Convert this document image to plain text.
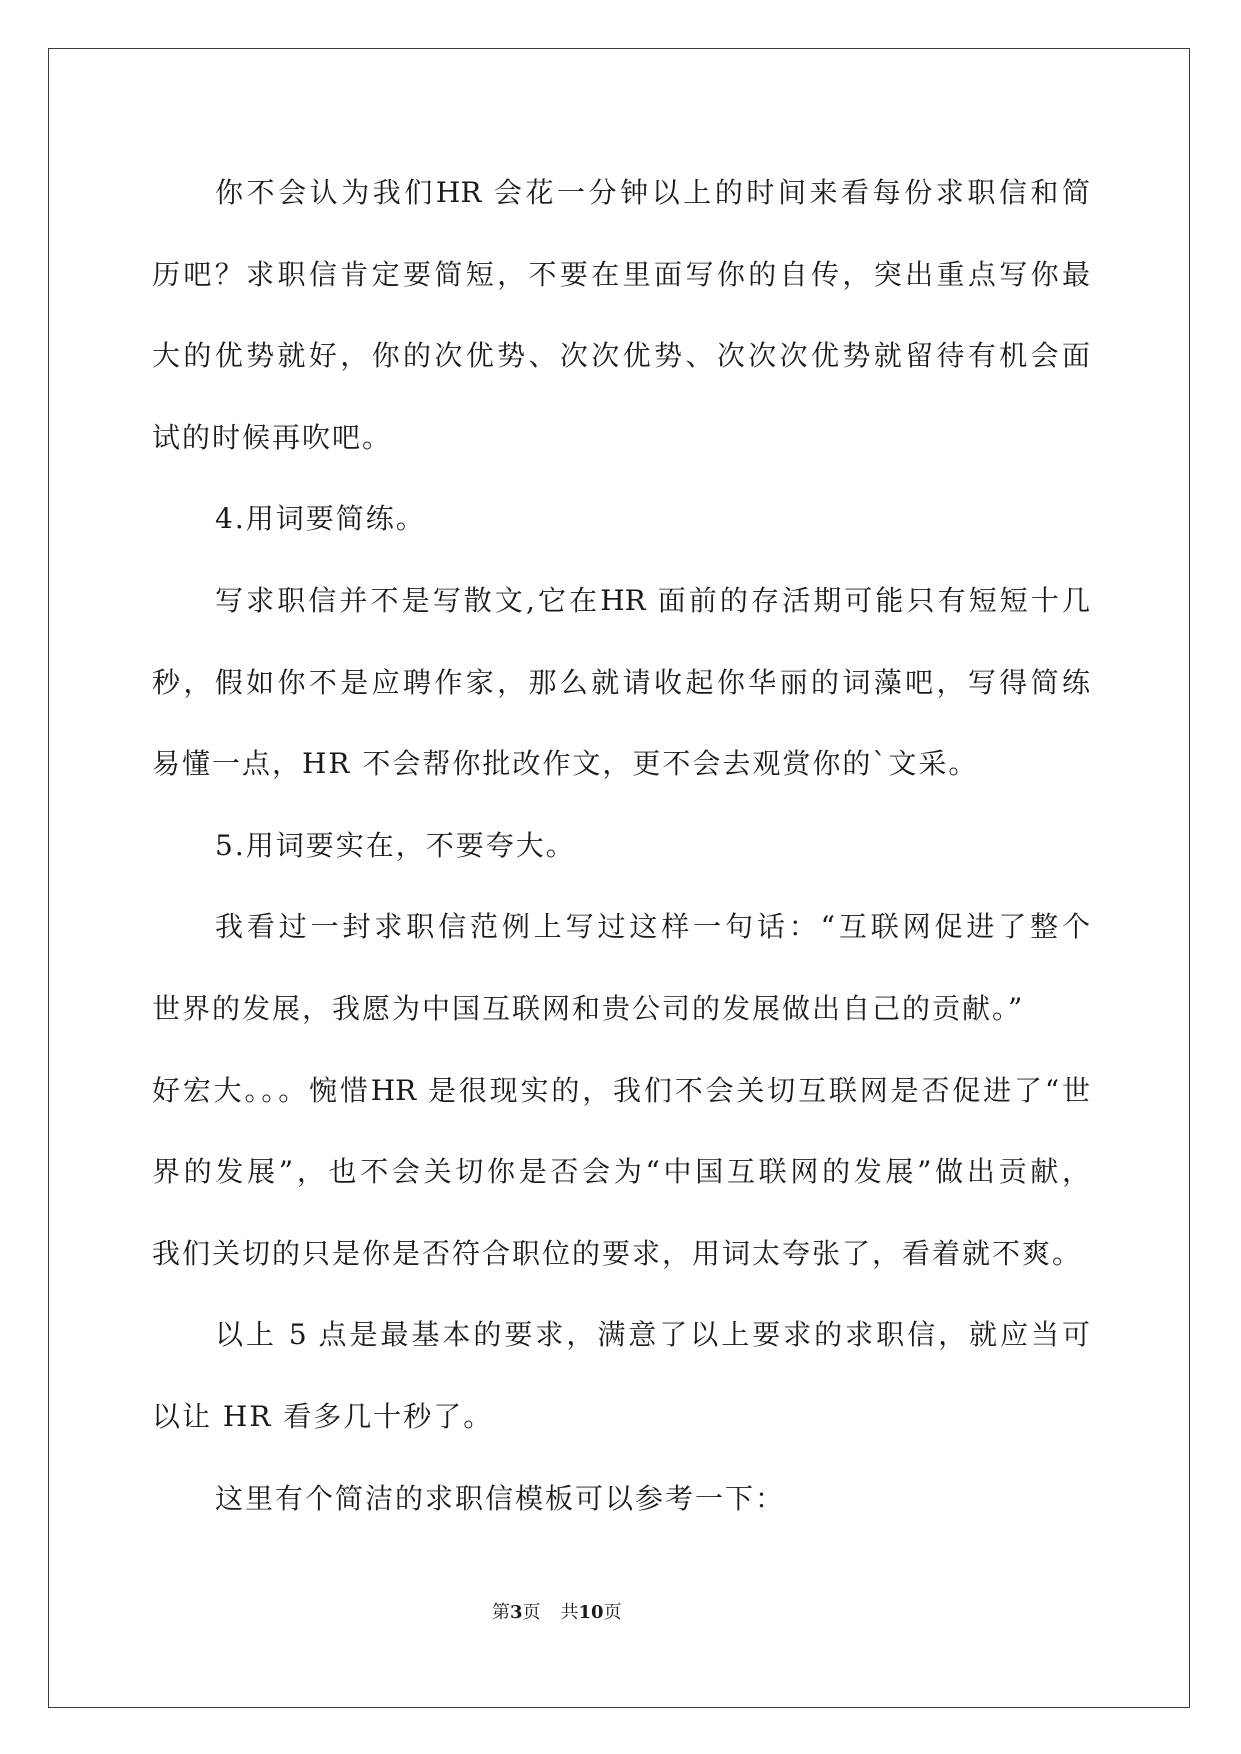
你不会认为我们HR 会花一分钟以上的时间来看每份求职信和简
历吧？求职信肯定要简短，不要在里面写你的自传，突出重点写你最
大的优势就好，你的次优势、次次优势、次次次优势就留待有机会面
试的时候再吹吧。
4.用词要简练。
写求职信并不是写散文,它在HR 面前的存活期可能只有短短十几
秒，假如你不是应聘作家，那么就请收起你华丽的词藻吧，写得简练
易懂一点，HR 不会帮你批改作文，更不会去观赏你的`文采。
5.用词要实在，不要夸大。
我看过一封求职信范例上写过这样一句话：“互联网促进了整个
世界的发展，我愿为中国互联网和贵公司的发展做出自己的贡献。”
好宏大。。。惋惜HR 是很现实的，我们不会关切互联网是否促进了“世
界的发展”，也不会关切你是否会为“中国互联网的发展”做出贡献，
我们关切的只是你是否符合职位的要求，用词太夸张了，看着就不爽。
以上 5 点是最基本的要求，满意了以上要求的求职信，就应当可
以让 HR 看多几十秒了。
这里有个简洁的求职信模板可以参考一下：
第3页 共10页
